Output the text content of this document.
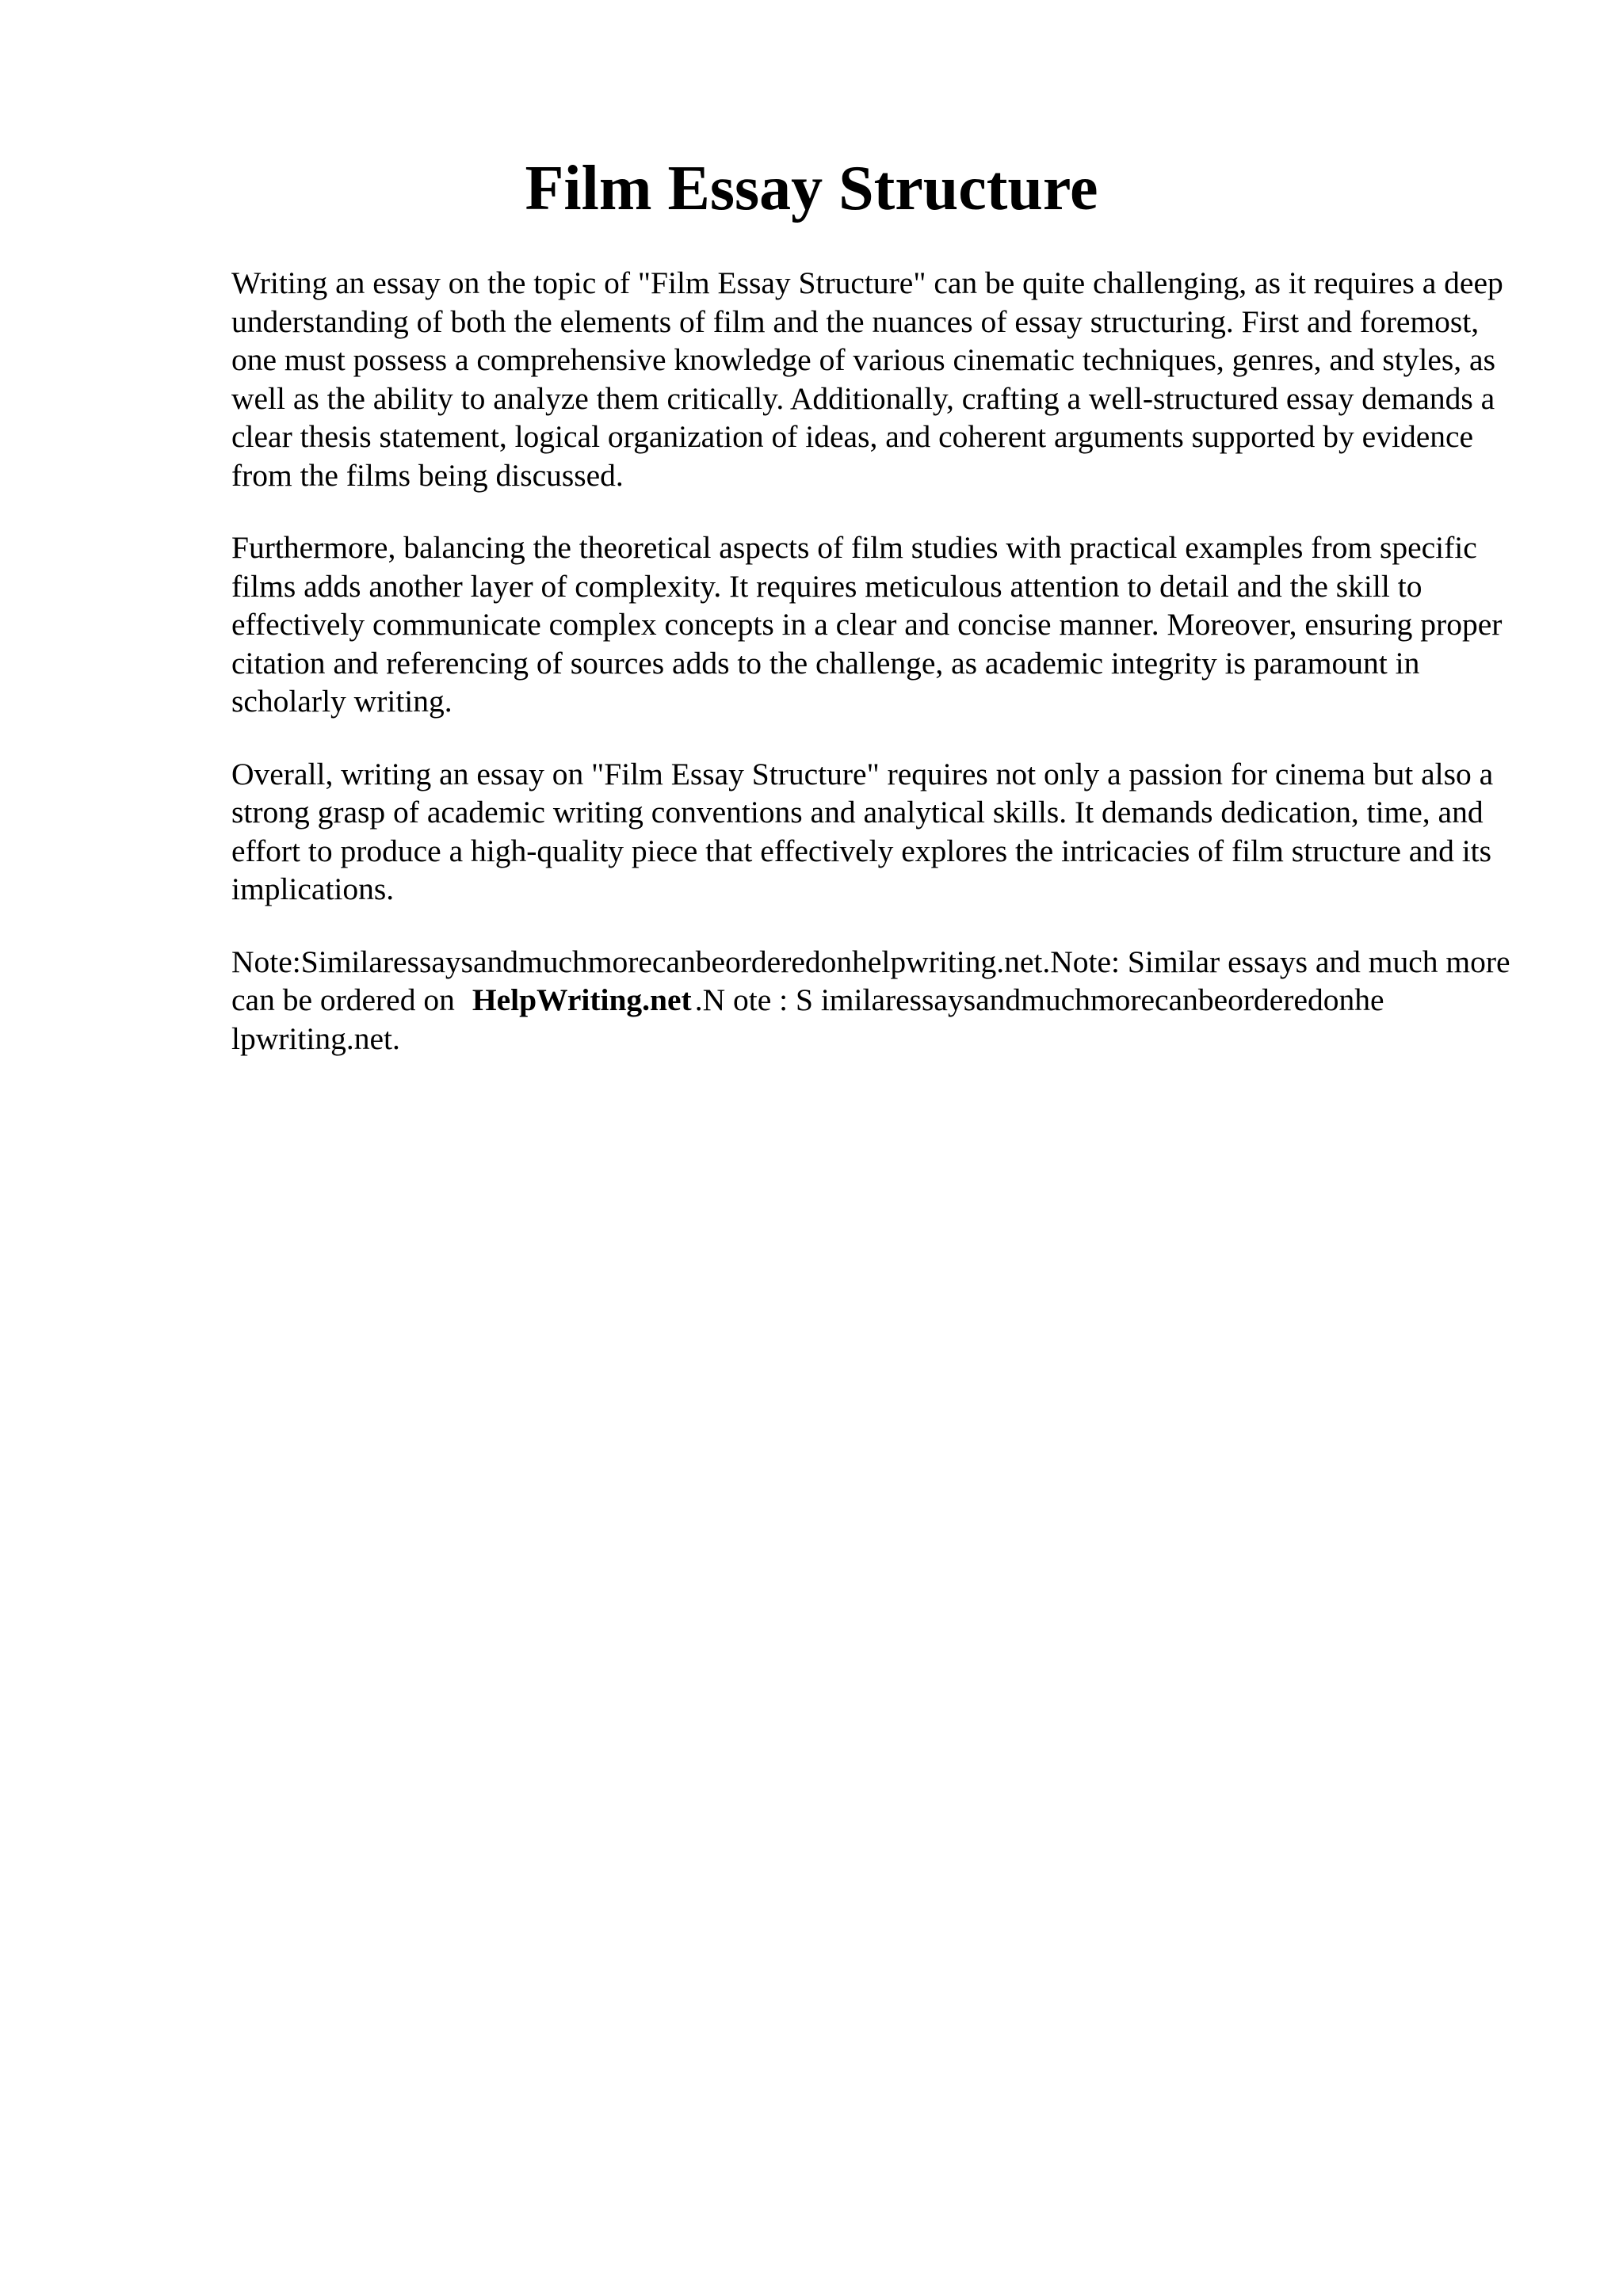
Film Essay Structure

Writing an essay on the topic of "Film Essay Structure" can be quite challenging, as it requires a deep understanding of both the elements of film and the nuances of essay structuring. First and foremost, one must possess a comprehensive knowledge of various cinematic techniques, genres, and styles, as well as the ability to analyze them critically. Additionally, crafting a well-structured essay demands a clear thesis statement, logical organization of ideas, and coherent arguments supported by evidence from the films being discussed.

Furthermore, balancing the theoretical aspects of film studies with practical examples from specific films adds another layer of complexity. It requires meticulous attention to detail and the skill to effectively communicate complex concepts in a clear and concise manner. Moreover, ensuring proper citation and referencing of sources adds to the challenge, as academic integrity is paramount in scholarly writing.

Overall, writing an essay on "Film Essay Structure" requires not only a passion for cinema but also a strong grasp of academic writing conventions and analytical skills. It demands dedication, time, and effort to produce a high-quality piece that effectively explores the intricacies of film structure and its implications.

Note:Similaressaysandmuchmorecanbeorderedonhelpwriting.net.Note: Similar essays and much more can be ordered on HelpWriting.net .N ote : S imilaressaysandmuchmorecanbeorderedonhe lpwriting.net.
